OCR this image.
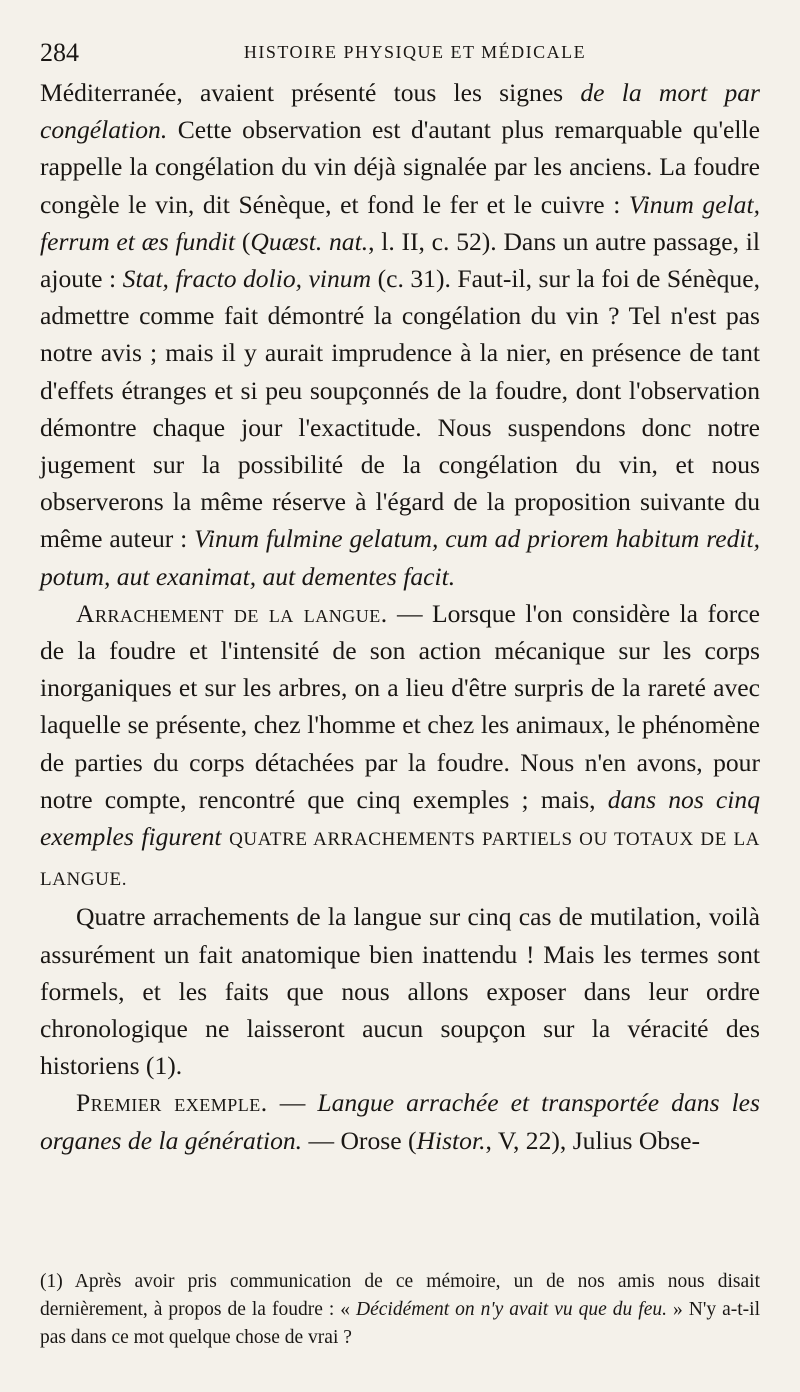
284	HISTOIRE PHYSIQUE ET MÉDICALE

Méditerranée, avaient présenté tous les signes de la mort par congélation. Cette observation est d'autant plus remarquable qu'elle rappelle la congélation du vin déjà signalée par les anciens. La foudre congèle le vin, dit Sénèque, et fond le fer et le cuivre : Vinum gelat, ferrum et æs fundit (Quæst. nat., l. II, c. 52). Dans un autre passage, il ajoute : Stat, fracto dolio, vinum (c. 31). Faut-il, sur la foi de Sénèque, admettre comme fait démontré la congélation du vin ? Tel n'est pas notre avis ; mais il y aurait imprudence à la nier, en présence de tant d'effets étranges et si peu soupçonnés de la foudre, dont l'observation démontre chaque jour l'exactitude. Nous suspendons donc notre jugement sur la possibilité de la congélation du vin, et nous observerons la même réserve à l'égard de la proposition suivante du même auteur : Vinum fulmine gelatum, cum ad priorem habitum redit, potum, aut exanimat, aut dementes facit.

Arrachement de la langue. — Lorsque l'on considère la force de la foudre et l'intensité de son action mécanique sur les corps inorganiques et sur les arbres, on a lieu d'être surpris de la rareté avec laquelle se présente, chez l'homme et chez les animaux, le phénomène de parties du corps détachées par la foudre. Nous n'en avons, pour notre compte, rencontré que cinq exemples ; mais, dans nos cinq exemples figurent QUATRE ARRACHEMENTS PARTIELS OU TOTAUX DE LA LANGUE.

Quatre arrachements de la langue sur cinq cas de mutilation, voilà assurément un fait anatomique bien inattendu ! Mais les termes sont formels, et les faits que nous allons exposer dans leur ordre chronologique ne laisseront aucun soupçon sur la véracité des historiens (1).

Premier exemple. — Langue arrachée et transportée dans les organes de la génération. — Orose (Histor., V, 22), Julius Obse-

(1) Après avoir pris communication de ce mémoire, un de nos amis nous disait dernièrement, à propos de la foudre : « Décidément on n'y avait vu que du feu. » N'y a-t-il pas dans ce mot quelque chose de vrai ?
